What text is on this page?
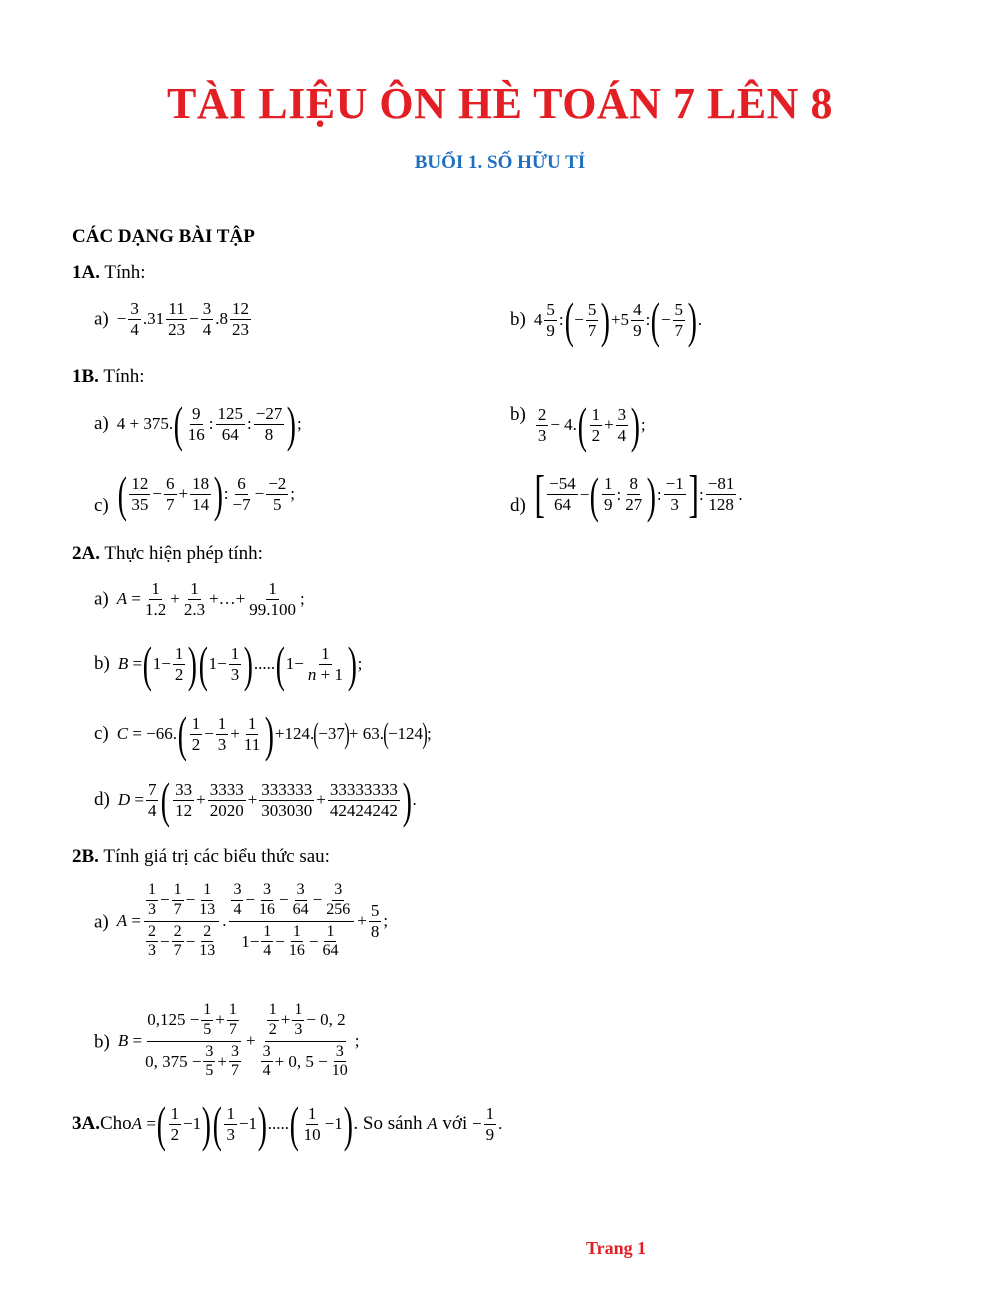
TÀI LIỆU ÔN HÈ TOÁN 7 LÊN 8
BUỔI 1. SỐ HỮU TỈ
CÁC DẠNG BÀI TẬP
1A. Tính:
$a) - \frac{3}{4} .31 \frac{11}{23} - \frac{3}{4} .8 \frac{12}{23}$	b) $4 \frac{5}{9}$ : ( − $\frac{5}{7}$ ) $+5 \frac{4}{9}$ : ( − $\frac{5}{7}$ ) .
1B. Tính:
a) 4 + 375. ( $\frac{9}{16}$ : $\frac{125}{64}$ : $\frac{-27}{8}$ ) ;	$b) \frac{2}{3} - 4$. ( $\frac{1}{2} + \frac{3}{4}$ ) ;
c) ( $\frac{12}{35} - \frac{6}{7} + \frac{18}{14}$ ) : $\frac{6}{-7} - \frac{-2}{5}$ ;
d) [ $\frac{-54}{64}$ − ( $\frac{1}{9}$ : $\frac{8}{27}$ ) : $\frac{-1}{3}$ ] : $\frac{-81}{128}$ .
2A. Thực hiện phép tính:
a) $A = \frac{1}{1.2} + \frac{1}{2.3}$ +…+ $\frac{1}{99.100}$ ;
b) B = ( $1- \frac{1}{2}$ ) ( $1- \frac{1}{3}$ ) ..... ( $1- \frac{1}{n + 1}$ ) ;
c) C = −66. ( $\frac{1}{2} - \frac{1}{3} + \frac{1}{11}$ ) +124. ( −37 ) + 63. ( −124 ) ;
d) $D = \frac{7}{4}$ ( $\frac{33}{12} + \frac{3333}{2020} + \frac{333333}{303030} + \frac{33333333}{42424242}$ ) .
2B. Tính giá trị các biểu thức sau:
a) A =
$\frac{1}{3} - \frac{1}{7} - \frac{1}{13}$
$\frac{2}{3} - \frac{2}{7} - \frac{2}{13}$
.
$\frac{3}{4} - \frac{3}{16} - \frac{3}{64} - \frac{3}{256}$
$1- \frac{1}{4} - \frac{1}{16} - \frac{1}{64}$
+ $\frac{5}{8}$ ;
b) B =
$0,125 - \frac{1}{5} + \frac{1}{7}$
0, $375 - \frac{3}{5} + \frac{3}{7}$
+
$\frac{1}{2} + \frac{1}{3} - 0$, 2
$\frac{3}{4} + 0$, $5 - \frac{3}{10}$
;
3A. Cho A = ( $\frac{1}{2} -1$ ) ( $\frac{1}{3} -1$ ) ..... ( $\frac{1}{10} -1$ ) . So sánh
A
với
− $\frac{1}{9}$ .
Trang 1
